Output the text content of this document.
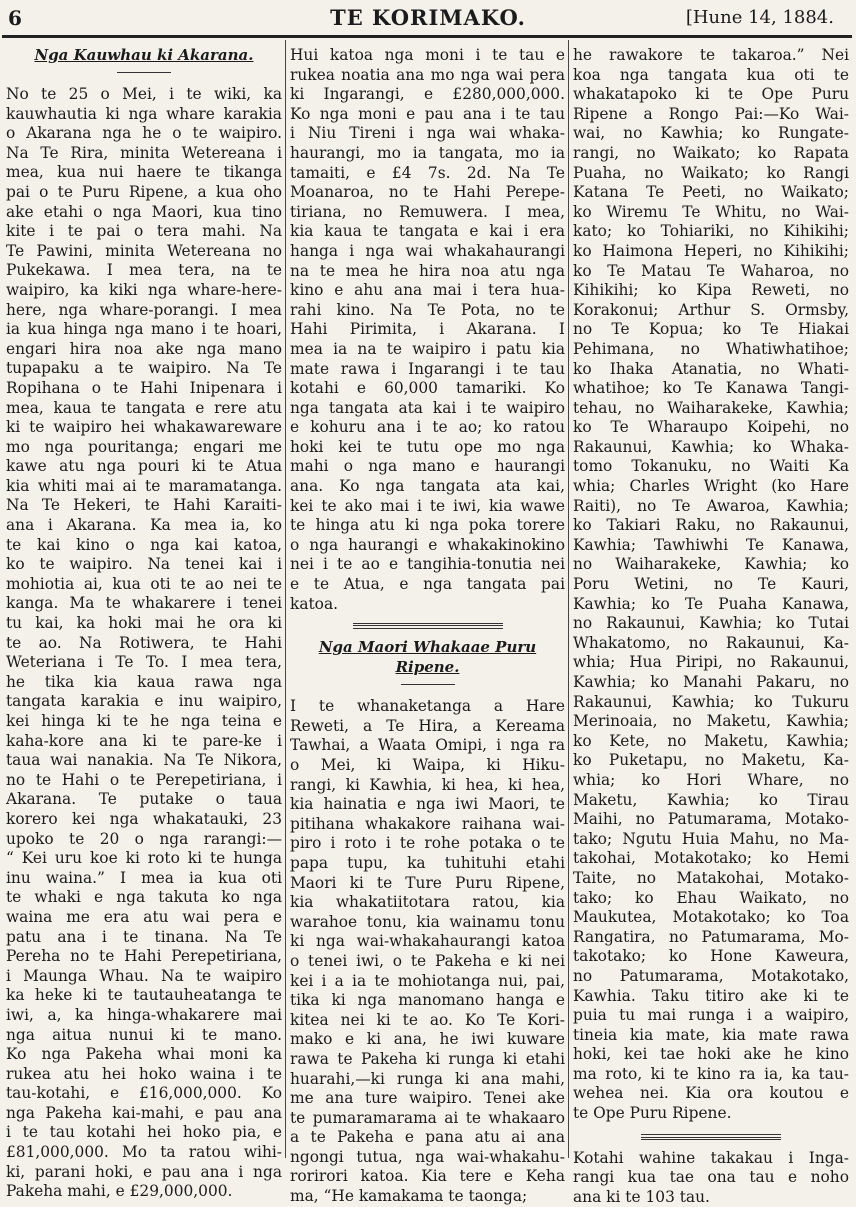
6	TE KORIMAKO.	[Hune 14, 1884.
Nga Kauwhau ki Akarana.
No te 25 o Mei, i te wiki, ka
kauwhautia ki nga whare karakia
o Akarana nga he o te waipiro.
Na Te Rira, minita Wetereana i
mea, kua nui haere te tikanga
pai o te Puru Ripene, a kua oho
ake etahi o nga Maori, kua tino
kite i te pai o tera mahi. Na
Te Pawini, minita Wetereana no
Pukekawa. I mea tera, na te
waipiro, ka kiki nga whare-here-
here, nga whare-porangi. I mea
ia kua hinga nga mano i te hoari,
engari hira noa ake nga mano
tupapaku a te waipiro. Na Te
Ropihana o te Hahi Inipenara i
mea, kaua te tangata e rere atu
ki te waipiro hei whakawareware
mo nga pouritanga; engari me
kawe atu nga pouri ki te Atua
kia whiti mai ai te maramatanga.
Na Te Hekeri, te Hahi Karaiti-
ana i Akarana. Ka mea ia, ko
te kai kino o nga kai katoa,
ko te waipiro. Na tenei kai i
mohiotia ai, kua oti te ao nei te
kanga. Ma te whakarere i tenei
tu kai, ka hoki mai he ora ki
te ao. Na Rotiwera, te Hahi
Weteriana i Te To. I mea tera,
he tika kia kaua rawa nga
tangata karakia e inu waipiro,
kei hinga ki te he nga teina e
kaha-kore ana ki te pare-ke i
taua wai nanakia. Na Te Nikora,
no te Hahi o te Perepetiriana, i
Akarana. Te putake o taua
korero kei nga whakatauki, 23
upoko te 20 o nga rarangi:—
“ Kei uru koe ki roto ki te hunga
inu waina.” I mea ia kua oti
te whaki e nga takuta ko nga
waina me era atu wai pera e
patu ana i te tinana. Na Te
Pereha no te Hahi Perepetiriana,
i Maunga Whau. Na te waipiro
ka heke ki te tautauheatanga te
iwi, a, ka hinga-whakarere mai
nga aitua nunui ki te mano.
Ko nga Pakeha whai moni ka
rukea atu hei hoko waina i te
tau-kotahi, e £16,000,000. Ko
nga Pakeha kai-mahi, e pau ana
i te tau kotahi hei hoko pia, e
£81,000,000. Mo ta ratou wihi-
ki, parani hoki, e pau ana i nga
Pakeha mahi, e £29,000,000.
Hui katoa nga moni i te tau e
rukea noatia ana mo nga wai pera
ki Ingarangi, e £280,000,000.
Ko nga moni e pau ana i te tau
i Niu Tireni i nga wai whaka-
haurangi, mo ia tangata, mo ia
tamaiti, e £4 7s. 2d. Na Te
Moanaroa, no te Hahi Perepe-
tiriana, no Remuwera. I mea,
kia kaua te tangata e kai i era
hanga i nga wai whakahaurangi
na te mea he hira noa atu nga
kino e ahu ana mai i tera hua-
rahi kino. Na Te Pota, no te
Hahi Pirimita, i Akarana. I
mea ia na te waipiro i patu kia
mate rawa i Ingarangi i te tau
kotahi e 60,000 tamariki. Ko
nga tangata ata kai i te waipiro
e kohuru ana i te ao; ko ratou
hoki kei te tutu ope mo nga
mahi o nga mano e haurangi
ana. Ko nga tangata ata kai,
kei te ako mai i te iwi, kia wawe
te hinga atu ki nga poka torere
o nga haurangi e whakakinokino
nei i te ao e tangihia-tonutia nei
e te Atua, e nga tangata pai
katoa.
Nga Maori Whakaae Puru Ripene.
I te whanaketanga a Hare
Reweti, a Te Hira, a Kereama
Tawhai, a Waata Omipi, i nga ra
o Mei, ki Waipa, ki Hiku-
rangi, ki Kawhia, ki hea, ki hea,
kia hainatia e nga iwi Maori, te
pitihana whakakore raihana wai-
piro i roto i te rohe potaka o te
papa tupu, ka tuhituhi etahi
Maori ki te Ture Puru Ripene,
kia whakatiitotara ratou, kia
warahoe tonu, kia wainamu tonu
ki nga wai-whakahaurangi katoa
o tenei iwi, o te Pakeha e ki nei
kei i a ia te mohiotanga nui, pai,
tika ki nga manomano hanga e
kitea nei ki te ao. Ko Te Kori-
mako e ki ana, he iwi kuware
rawa te Pakeha ki runga ki etahi
huarahi,—ki runga ki ana mahi,
me ana ture waipiro. Tenei ake
te pumaramarama ai te whakaaro
a te Pakeha e pana atu ai ana
ngongi tutua, nga wai-whakahu-
rorirori katoa. Kia tere e Keha
ma, “He kamakama te taonga;
he rawakore te takaroa.” Nei
koa nga tangata kua oti te
whakatapoko ki te Ope Puru
Ripene a Rongo Pai:—Ko Wai-
wai, no Kawhia; ko Rungate-
rangi, no Waikato; ko Rapata
Puaha, no Waikato; ko Rangi
Katana Te Peeti, no Waikato;
ko Wiremu Te Whitu, no Wai-
kato; ko Tohiariki, no Kihikihi;
ko Haimona Heperi, no Kihikihi;
ko Te Matau Te Waharoa, no
Kihikihi; ko Kipa Reweti, no
Korakonui; Arthur S. Ormsby,
no Te Kopua; ko Te Hiakai
Pehimana, no Whatiwhatihoe;
ko Ihaka Atanatia, no Whati-
whatihoe; ko Te Kanawa Tangi-
tehau, no Waiharakeke, Kawhia;
ko Te Wharaupo Koipehi, no
Rakaunui, Kawhia; ko Whaka-
tomo Tokanuku, no Waiti Ka
whia; Charles Wright (ko Hare
Raiti), no Te Awaroa, Kawhia;
ko Takiari Raku, no Rakaunui,
Kawhia; Tawhiwhi Te Kanawa,
no Waiharakeke, Kawhia; ko
Poru Wetini, no Te Kauri,
Kawhia; ko Te Puaha Kanawa,
no Rakaunui, Kawhia; ko Tutai
Whakatomo, no Rakaunui, Ka-
whia; Hua Piripi, no Rakaunui,
Kawhia; ko Manahi Pakaru, no
Rakaunui, Kawhia; ko Tukuru
Merinoaia, no Maketu, Kawhia;
ko Kete, no Maketu, Kawhia;
ko Puketapu, no Maketu, Ka-
whia; ko Hori Whare, no
Maketu, Kawhia; ko Tirau
Maihi, no Patumarama, Motako-
tako; Ngutu Huia Mahu, no Ma-
takohai, Motakotako; ko Hemi
Taite, no Matakohai, Motako-
tako; ko Ehau Waikato, no
Maukutea, Motakotako; ko Toa
Rangatira, no Patumarama, Mo-
takotako; ko Hone Kaweura,
no Patumarama, Motakotako,
Kawhia. Taku titiro ake ki te
puia tu mai runga i a waipiro,
tineia kia mate, kia mate rawa
hoki, kei tae hoki ake he kino
ma roto, ki te kino ra ia, ka tau-
wehea nei. Kia ora koutou e
te Ope Puru Ripene.
Kotahi wahine takakau i Inga-
rangi kua tae ona tau e noho
ana ki te 103 tau.
